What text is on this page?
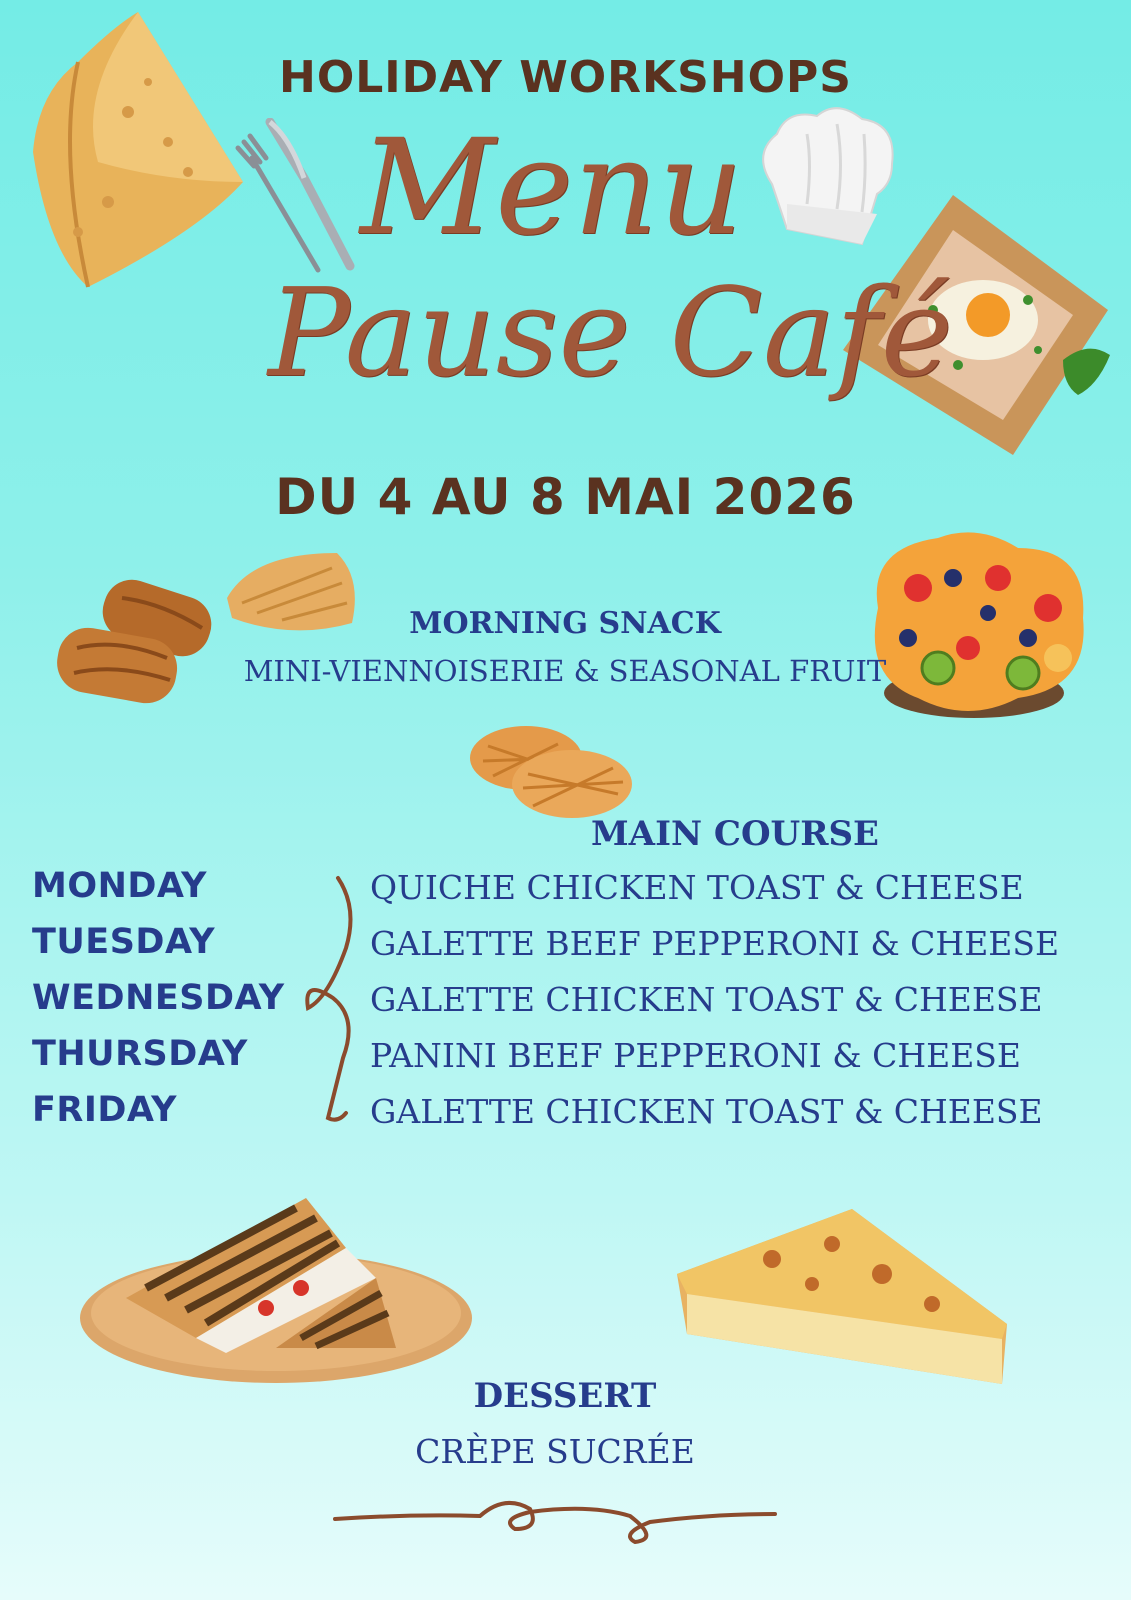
HOLIDAY WORKSHOPS
Menu
Pause Café
DU 4 AU 8 MAI 2026
MORNING SNACK
MINI-VIENNOISERIE & SEASONAL FRUIT
MAIN COURSE
MONDAY
TUESDAY
WEDNESDAY
THURSDAY
FRIDAY
QUICHE CHICKEN TOAST & CHEESE
GALETTE BEEF PEPPERONI & CHEESE
GALETTE CHICKEN TOAST & CHEESE
PANINI BEEF PEPPERONI & CHEESE
GALETTE CHICKEN TOAST & CHEESE
DESSERT
CRÈPE SUCRÉE
